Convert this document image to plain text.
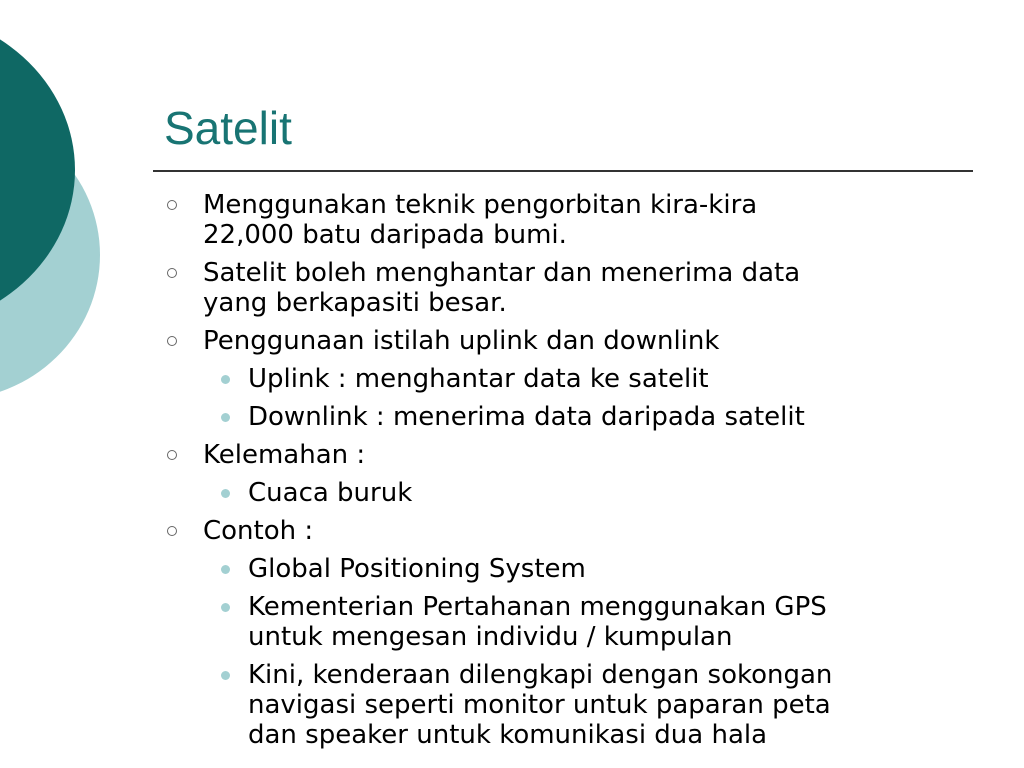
Satelit
Menggunakan teknik pengorbitan kira-kira
22,000 batu daripada bumi.
Satelit boleh menghantar dan menerima data
yang berkapasiti besar.
Penggunaan istilah uplink dan downlink
Uplink : menghantar data ke satelit
Downlink : menerima data daripada satelit
Kelemahan :
Cuaca buruk
Contoh :
Global Positioning System
Kementerian Pertahanan menggunakan GPS
untuk mengesan individu / kumpulan
Kini, kenderaan dilengkapi dengan sokongan
navigasi seperti monitor untuk paparan peta
dan speaker untuk komunikasi dua hala
